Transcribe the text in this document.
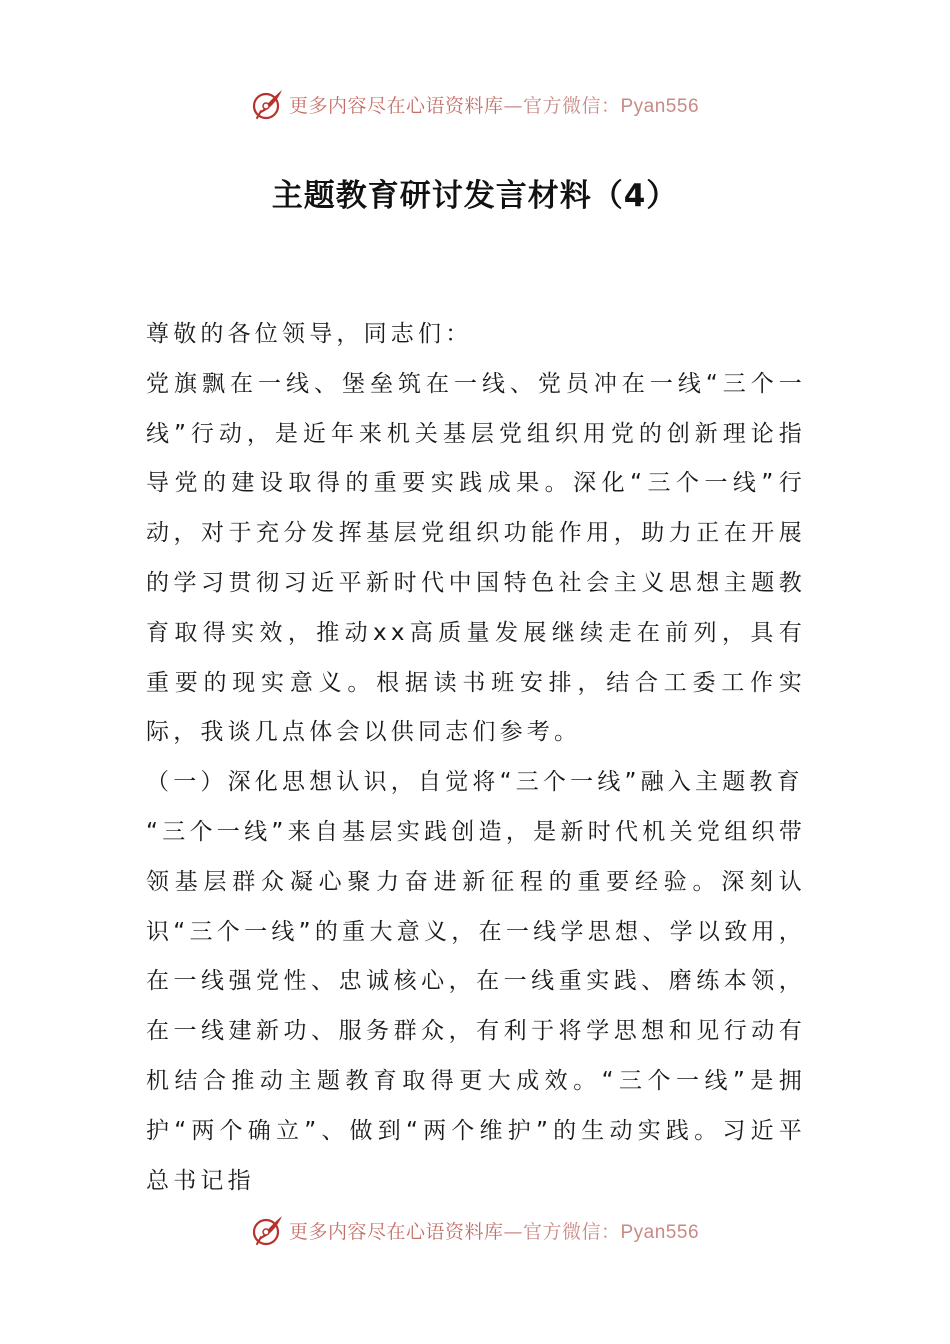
更多内容尽在心语资料库—官方微信：Pyan556
主题教育研讨发言材料（4）

尊敬的各位领导，同志们：

党旗飘在一线、堡垒筑在一线、党员冲在一线“三个一线”行动，是近年来机关基层党组织用党的创新理论指导党的建设取得的重要实践成果。深化“三个一线”行动，对于充分发挥基层党组织功能作用，助力正在开展的学习贯彻习近平新时代中国特色社会主义思想主题教育取得实效，推动xx高质量发展继续走在前列，具有重要的现实意义。根据读书班安排，结合工委工作实际，我谈几点体会以供同志们参考。

（一）深化思想认识，自觉将“三个一线”融入主题教育

“三个一线”来自基层实践创造，是新时代机关党组织带领基层群众凝心聚力奋进新征程的重要经验。深刻认识“三个一线”的重大意义，在一线学思想、学以致用，在一线强党性、忠诚核心，在一线重实践、磨练本领，在一线建新功、服务群众，有利于将学思想和见行动有机结合推动主题教育取得更大成效。“三个一线”是拥护“两个确立”、做到“两个维护”的生动实践。习近平总书记指

更多内容尽在心语资料库—官方微信：Pyan556
